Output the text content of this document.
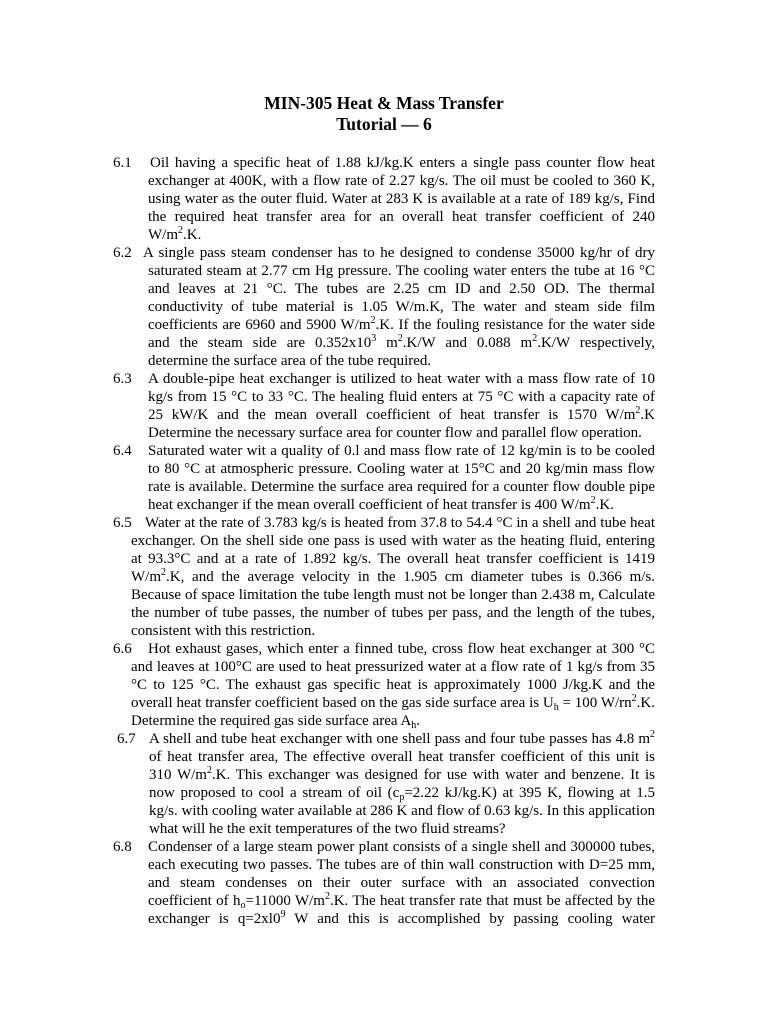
MIN-305 Heat & Mass Transfer
Tutorial — 6
6.1 Oil having a specific heat of 1.88 kJ/kg.K enters a single pass counter flow heat exchanger at 400K, with a flow rate of 2.27 kg/s. The oil must be cooled to 360 K, using water as the outer fluid. Water at 283 K is available at a rate of 189 kg/s, Find the required heat transfer area for an overall heat transfer coefficient of 240 $W/m^2.K$.
6.2 A single pass steam condenser has to he designed to condense 35000 kg/hr of dry saturated steam at 2.77 cm Hg pressure. The cooling water enters the tube at 16 °C and leaves at 21 °C. The tubes are 2.25 cm ID and 2.50 OD. The thermal conductivity of tube material is 1.05 W/m.K, The water and steam side film coefficients are 6960 and 5900 $W/m^2.K$. If the fouling resistance for the water side and the steam side are $0.352x10^3$ $m^2.K/W$ and 0.088 $m^2.K/W$ respectively, determine the surface area of the tube required.
6.3 A double-pipe heat exchanger is utilized to heat water with a mass flow rate of 10 kg/s from 15 °C to 33 °C. The healing fluid enters at 75 °C with a capacity rate of 25 kW/K and the mean overall coefficient of heat transfer is 1570 $W/m^2.K$ Determine the necessary surface area for counter flow and parallel flow operation.
6.4 Saturated water wit a quality of 0.l and mass flow rate of 12 kg/min is to be cooled to 80 °C at atmospheric pressure. Cooling water at 15°C and 20 kg/min mass flow rate is available. Determine the surface area required for a counter flow double pipe heat exchanger if the mean overall coefficient of heat transfer is 400 $W/m^2.K$.
6.5 Water at the rate of 3.783 kg/s is heated from 37.8 to 54.4 °C in a shell and tube heat exchanger. On the shell side one pass is used with water as the heating fluid, entering at 93.3°C and at a rate of 1.892 kg/s. The overall heat transfer coefficient is 1419 $W/m^2.K$, and the average velocity in the 1.905 cm diameter tubes is 0.366 m/s. Because of space limitation the tube length must not be longer than 2.438 m, Calculate the number of tube passes, the number of tubes per pass, and the length of the tubes, consistent with this restriction.
6.6 Hot exhaust gases, which enter a finned tube, cross flow heat exchanger at 300 °C and leaves at 100°C are used to heat pressurized water at a flow rate of 1 kg/s from 35 °C to 125 °C. The exhaust gas specific heat is approximately 1000 J/kg.K and the overall heat transfer coefficient based on the gas side surface area is $U_h = 100$ $W/rn^2.K$. Determine the required gas side surface area $A_h$.
6.7 A shell and tube heat exchanger with one shell pass and four tube passes has 4.8 $m^2$ of heat transfer area, The effective overall heat transfer coefficient of this unit is 310 $W/m^2.K$. This exchanger was designed for use with water and benzene. It is now proposed to cool a stream of oil ($c_p=2.22$ kJ/kg.K) at 395 K, flowing at 1.5 kg/s. with cooling water available at 286 K and flow of 0.63 kg/s. In this application what will he the exit temperatures of the two fluid streams?
6.8 Condenser of a large steam power plant consists of a single shell and 300000 tubes, each executing two passes. The tubes are of thin wall construction with D=25 mm, and steam condenses on their outer surface with an associated convection coefficient of $h_o=11000$ $W/m^2.K$. The heat transfer rate that must be affected by the exchanger is $q=2xl0^9$ W and this is accomplished by passing cooling water
